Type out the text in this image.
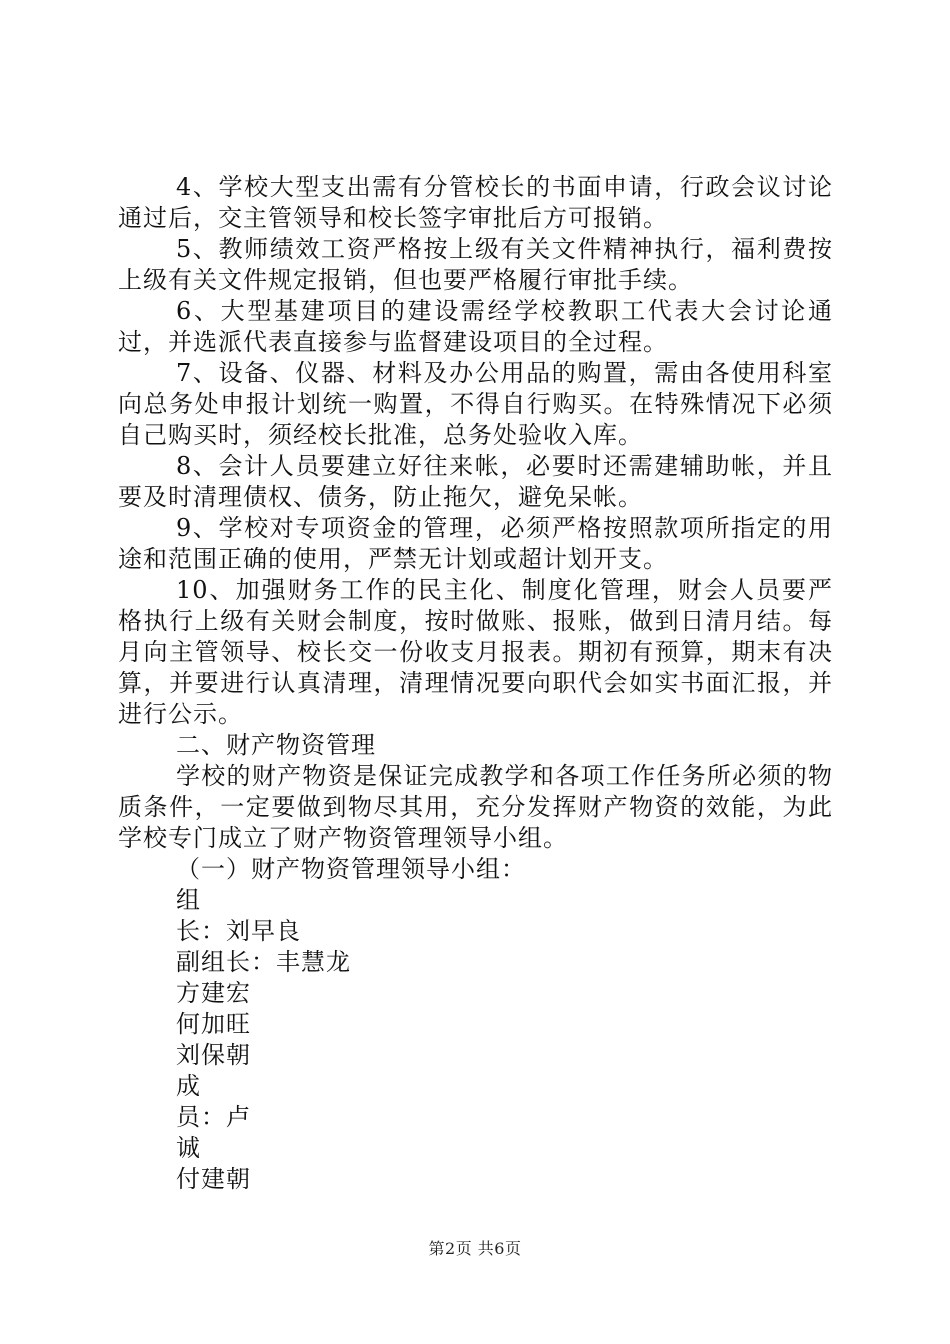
4、学校大型支出需有分管校长的书面申请，行政会议讨论通过后，交主管领导和校长签字审批后方可报销。

5、教师绩效工资严格按上级有关文件精神执行，福利费按上级有关文件规定报销，但也要严格履行审批手续。

6、大型基建项目的建设需经学校教职工代表大会讨论通过，并选派代表直接参与监督建设项目的全过程。

7、设备、仪器、材料及办公用品的购置，需由各使用科室向总务处申报计划统一购置，不得自行购买。在特殊情况下必须自己购买时，须经校长批准，总务处验收入库。

8、会计人员要建立好往来帐，必要时还需建辅助帐，并且要及时清理债权、债务，防止拖欠，避免呆帐。

9、学校对专项资金的管理，必须严格按照款项所指定的用途和范围正确的使用，严禁无计划或超计划开支。

10、加强财务工作的民主化、制度化管理，财会人员要严格执行上级有关财会制度，按时做账、报账，做到日清月结。每月向主管领导、校长交一份收支月报表。期初有预算，期末有决算，并要进行认真清理，清理情况要向职代会如实书面汇报，并进行公示。

二、财产物资管理

学校的财产物资是保证完成教学和各项工作任务所必须的物质条件，一定要做到物尽其用，充分发挥财产物资的效能，为此学校专门成立了财产物资管理领导小组。

（一）财产物资管理领导小组：

组

长：刘早良

副组长：丰慧龙

方建宏

何加旺

刘保朝

成

员：卢

诚

付建朝

第2页 共6页
